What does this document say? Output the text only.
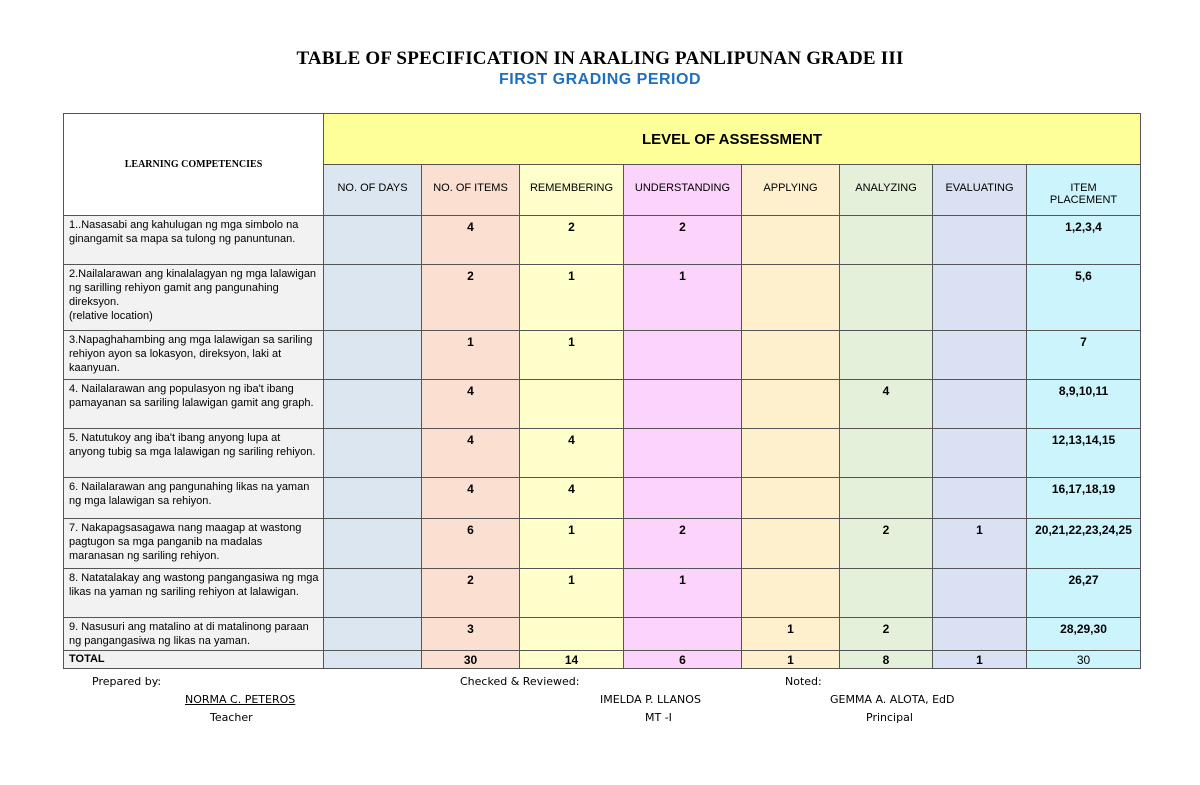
TABLE OF SPECIFICATION IN ARALING PANLIPUNAN GRADE III
FIRST GRADING PERIOD
LEARNING COMPETENCIES	LEVEL OF ASSESSMENT							
	NO. OF DAYS	NO. OF ITEMS	REMEMBERING	UNDERSTANDING	APPLYING	ANALYZING	EVALUATING	ITEM PLACEMENT
1..Nasasabi ang kahulugan ng mga simbolo na ginangamit sa mapa sa tulong ng panuntunan.		4	2	2				1,2,3,4
2.Nailalarawan ang kinalalagyan ng mga lalawigan ng sarilling rehiyon gamit ang pangunahing direksyon.
(relative location)		2	1	1				5,6
3.Napaghahambing ang mga lalawigan sa sariling rehiyon ayon sa lokasyon, direksyon, laki at kaanyuan.		1	1					7
4. Nailalarawan ang populasyon ng iba't ibang pamayanan sa sariling lalawigan gamit ang graph.		4				4		8,9,10,11
5. Natutukoy ang iba't ibang anyong lupa at anyong tubig sa mga lalawigan ng sariling rehiyon.		4	4					12,13,14,15
6. Nailalarawan ang pangunahing likas na yaman ng mga lalawigan sa rehiyon.		4	4					16,17,18,19
7. Nakapagsasagawa nang maagap at wastong pagtugon sa mga panganib na madalas maranasan ng sariling rehiyon.		6	1	2		2	1	20,21,22,23,24,25
8. Natatalakay ang wastong pangangasiwa ng mga likas na yaman ng sariling rehiyon at lalawigan.		2	1	1				26,27
9. Nasusuri ang matalino at di matalinong paraan ng pangangasiwa ng likas na yaman.		3			1	2		28,29,30
TOTAL		30	14	6	1	8	1	30
Prepared by:	Checked & Reviewed:	Noted:
NORMA C. PETEROS
Teacher
IMELDA P. LLANOS
MT -I
GEMMA A. ALOTA, EdD
Principal
